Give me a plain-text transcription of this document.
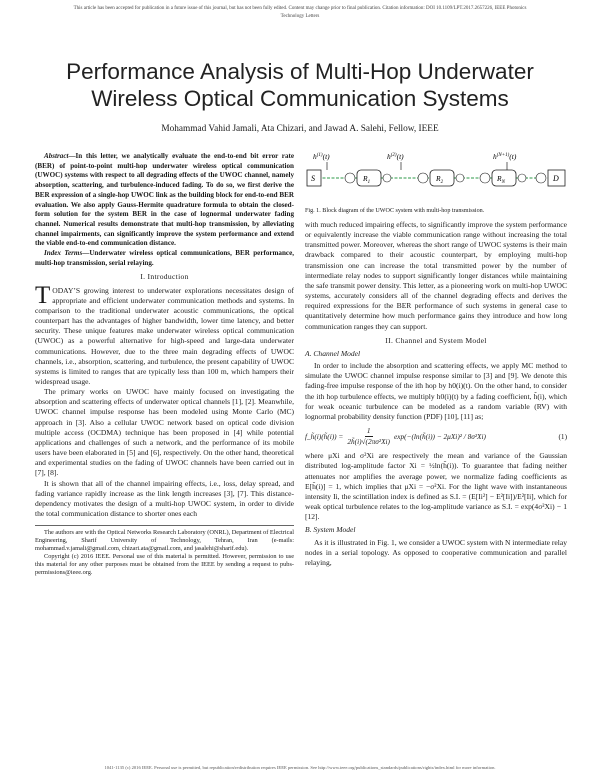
This article has been accepted for publication in a future issue of this journal, but has not been fully edited. Content may change prior to final publication. Citation information: DOI 10.1109/LPT.2017.2657226, IEEE Photonics
Technology Letters
Performance Analysis of Multi-Hop Underwater
Wireless Optical Communication Systems
Mohammad Vahid Jamali, Ata Chizari, and Jawad A. Salehi, Fellow, IEEE

Abstract—In this letter, we analytically evaluate the end-to-end bit error rate (BER) of point-to-point multi-hop underwater wireless optical communication (UWOC) systems with respect to all degrading effects of the UWOC channel, namely absorption, scattering, and turbulence-induced fading. To do so, we first derive the BER expression of a single-hop UWOC link as the building block for end-to-end BER evaluation. We also apply Gauss-Hermite quadrature formula to obtain the closed-form solution for the system BER in the case of lognormal underwater fading channel. Numerical results demonstrate that multi-hop transmission, by alleviating channel impairments, can significantly improve the system performance and extend the viable end-to-end communication distance.

Index Terms—Underwater wireless optical communications, BER performance, multi-hop transmission, serial relaying.

I. Introduction

TODAY’S growing interest to underwater explorations necessitates design of appropriate and efficient underwater communication methods and systems. In comparison to the traditional underwater acoustic communications, the optical counterpart has the advantages of higher bandwidth, lower time latency, and better security. These unique features make underwater wireless optical communication (UWOC) as a powerful alternative for high-speed and large-data underwater communications. However, due to the three main degrading effects of UWOC channels, i.e., absorption, scattering, and turbulence, the present capability of UWOC systems is limited to ranges that are typically less than 100 m, which hampers their widespread usage.

The primary works on UWOC have mainly focused on investigating the absorption and scattering effects of underwater optical channels [1], [2]. Meanwhile, UWOC channel impulse response has been modeled using Monte Carlo (MC) approach in [3]. Also a cellular UWOC network based on optical code division multiple access (OCDMA) technique has been proposed in [4] while potential applications and challenges of such a network, and the performance of its mobile users have been elaborated in [5] and [6], respectively. On the other hand, theoretical and experimental studies on the fading of UWOC channels have been carried out in [7], [8].

It is shown that all of the channel impairing effects, i.e., loss, delay spread, and fading variance rapidly increase as the link length increases [3], [7]. This distance-dependency motivates the design of a multi-hop UWOC system, in order to divide the total communication distance to shorter ones each

The authors are with the Optical Networks Research Laboratory (ONRL), Department of Electrical Engineering, Sharif University of Technology, Tehran, Iran (e-mails: mohammad.v.jamali@gmail.com, chizari.ata@gmail.com, and jasalehi@sharif.edu).

Copyright (c) 2016 IEEE. Personal use of this material is permitted. However, permission to use this material for any other purposes must be obtained from the IEEE by sending a request to pubs-permissions@ieee.org.

$h^{(1)}(t)$	$h^{(2)}(t)$	$h^{(N+1)}(t)$
S	$R_1$	$R_2$	$R_N$	D
Fig. 1. Block diagram of the UWOC system with multi-hop transmission.

with much reduced impairing effects, to significantly improve the system performance or equivalently increase the viable communication range without increasing the total transmitted power. Moreover, whereas the short range of UWOC systems is their main drawback compared to their acoustic counterpart, by employing multi-hop transmission one can increase the total transmitted power by the number of intermediate relay nodes to support significantly longer distances while maintaining the safe transmit power density. This letter, as a pioneering work on multi-hop UWOC systems, accurately considers all of the channel degrading effects and derives the required expressions for the BER performance of such systems in general case to quantitatively determine how much performance gains they introduce and how long communication ranges they can support.

II. Channel and System Model
A. Channel Model

In order to include the absorption and scattering effects, we apply MC method to simulate the UWOC channel impulse response similar to [3] and [9]. We denote this fading-free impulse response of the ith hop by h0(i)(t). On the other hand, to consider the ith hop turbulence effects, we multiply h0(i)(t) by a fading coefficient, h̃(i), which for weak oceanic turbulence can be modeled as a random variable (RV) with lognormal probability density function (PDF) [10], [11] as;

f_h̃(i)(h̃(i)) = $\frac{1}{\text{2h̃(i)√(2πσ²Xi)}}$ exp(−(ln(h̃(i)) − 2μXi)² / 8σ²Xi)	(1)

where μXi and σ²Xi are respectively the mean and variance of the Gaussian distributed log-amplitude factor Xi = ½ln(h̃(i)). To guarantee that fading neither attenuates nor amplifies the average power, we normalize fading coefficients as E[h̃(i)] = 1, which implies that μXi = −σ²Xi. For the light wave with instantaneous intensity Ii, the scintillation index is defined as S.I. = (E[Ii²] − E²[Ii])/E²[Ii], which for weak optical turbulence relates to the log-amplitude variance as S.I. = exp(4σ²Xi) − 1 [12].

B. System Model

As it is illustrated in Fig. 1, we consider a UWOC system with N intermediate relay nodes in a serial topology. As opposed to cooperative communication and parallel relaying,

1041-1135 (c) 2016 IEEE. Personal use is permitted, but republication/redistribution requires IEEE permission. See http://www.ieee.org/publications_standards/publications/rights/index.html for more information.
